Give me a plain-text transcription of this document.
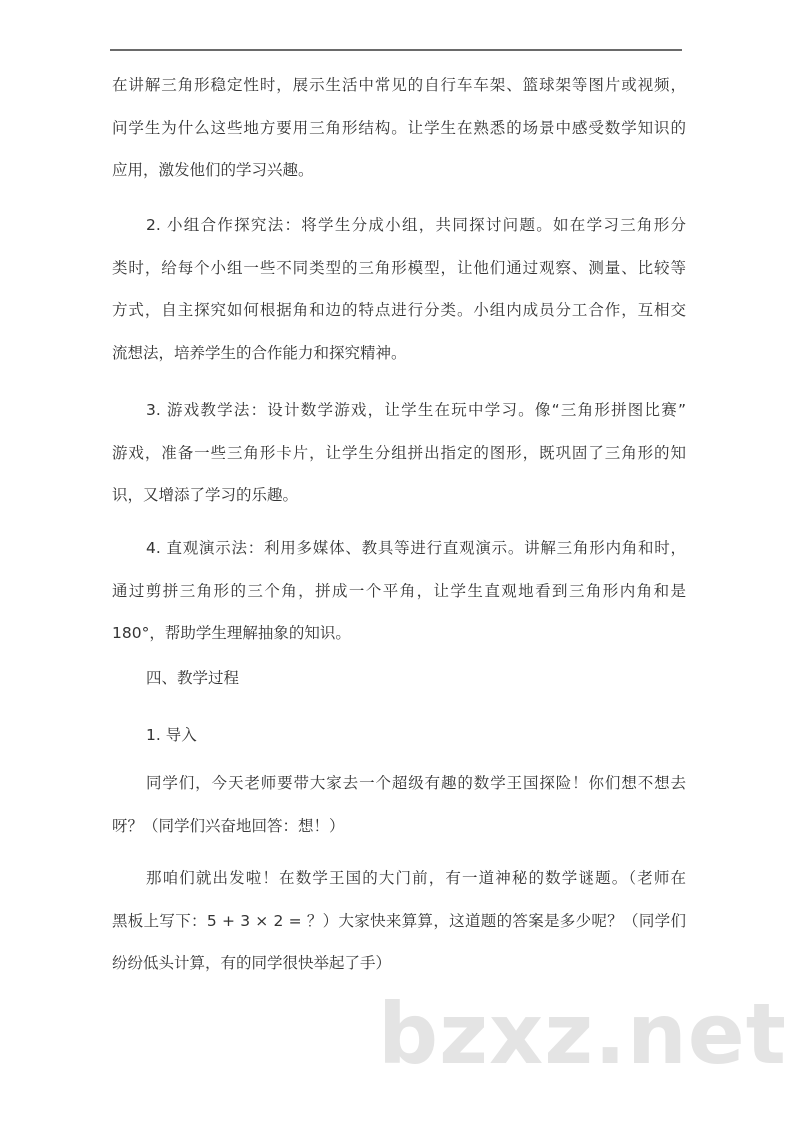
在讲解三角形稳定性时，展示生活中常见的自行车车架、篮球架等图片或视频，
问学生为什么这些地方要用三角形结构。让学生在熟悉的场景中感受数学知识的
应用，激发他们的学习兴趣。
2. 小组合作探究法：将学生分成小组，共同探讨问题。如在学习三角形分
类时，给每个小组一些不同类型的三角形模型，让他们通过观察、测量、比较等
方式，自主探究如何根据角和边的特点进行分类。小组内成员分工合作，互相交
流想法，培养学生的合作能力和探究精神。
3. 游戏教学法：设计数学游戏，让学生在玩中学习。像“三角形拼图比赛”
游戏，准备一些三角形卡片，让学生分组拼出指定的图形，既巩固了三角形的知
识，又增添了学习的乐趣。
4. 直观演示法：利用多媒体、教具等进行直观演示。讲解三角形内角和时，
通过剪拼三角形的三个角，拼成一个平角，让学生直观地看到三角形内角和是
180°，帮助学生理解抽象的知识。
四、教学过程
1. 导入
同学们，今天老师要带大家去一个超级有趣的数学王国探险！你们想不想去
呀？（同学们兴奋地回答：想！）
那咱们就出发啦！在数学王国的大门前，有一道神秘的数学谜题。（老师在
黑板上写下：5 + 3 × 2 = ？）大家快来算算，这道题的答案是多少呢？（同学们
纷纷低头计算，有的同学很快举起了手）
bzxz.net
